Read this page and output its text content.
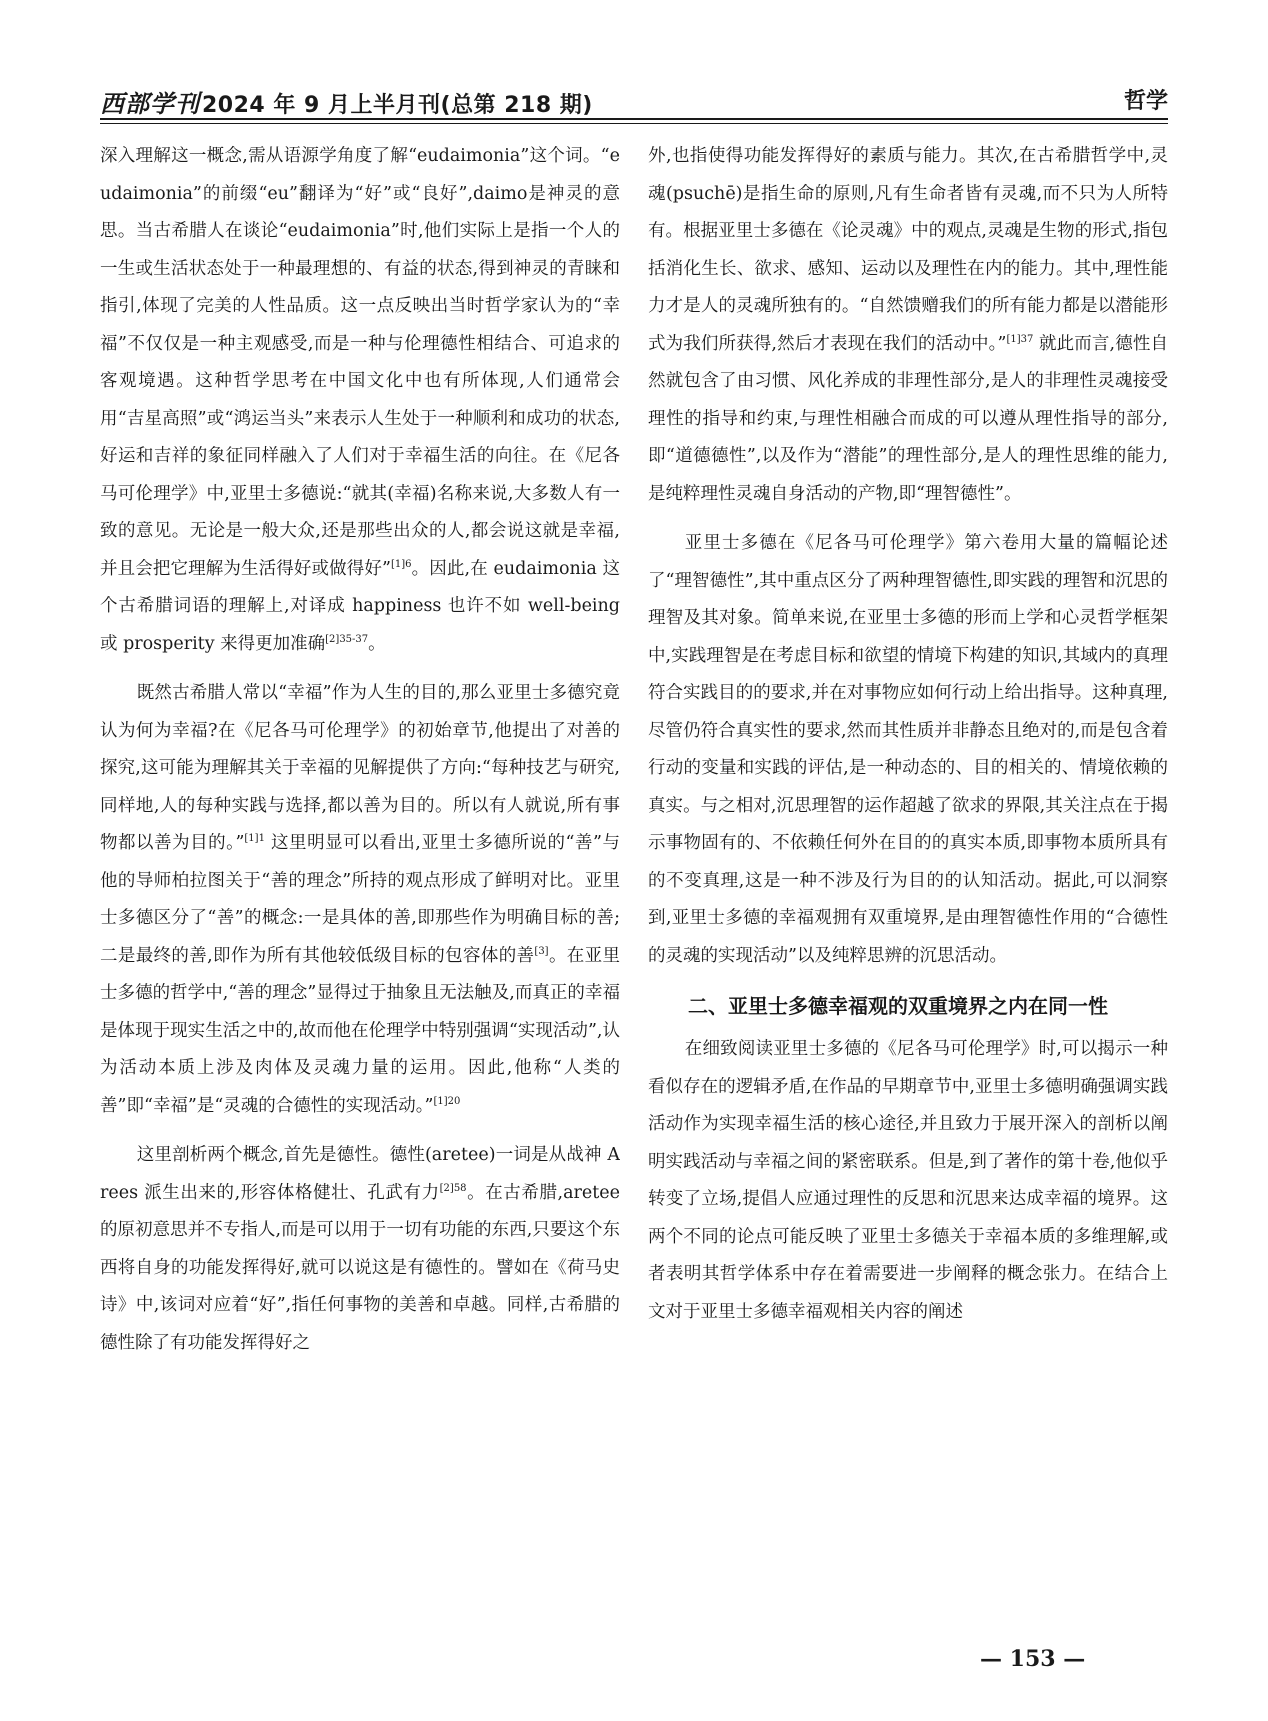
西部学刊2024 年 9 月上半月刊(总第 218 期)	哲学

深入理解这一概念,需从语源学角度了解“eudaimonia”这个词。“eudaimonia”的前缀“eu”翻译为“好”或“良好”,daimo是神灵的意思。当古希腊人在谈论“eudaimonia”时,他们实际上是指一个人的一生或生活状态处于一种最理想的、有益的状态,得到神灵的青睐和指引,体现了完美的人性品质。这一点反映出当时哲学家认为的“幸福”不仅仅是一种主观感受,而是一种与伦理德性相结合、可追求的客观境遇。这种哲学思考在中国文化中也有所体现,人们通常会用“吉星高照”或“鸿运当头”来表示人生处于一种顺利和成功的状态,好运和吉祥的象征同样融入了人们对于幸福生活的向往。在《尼各马可伦理学》中,亚里士多德说:“就其(幸福)名称来说,大多数人有一致的意见。无论是一般大众,还是那些出众的人,都会说这就是幸福,并且会把它理解为生活得好或做得好”$^{[1]6}$。因此,在 eudaimonia 这个古希腊词语的理解上,对译成 happiness 也许不如 well-being 或 prosperity 来得更加准确$^{[2]35-37}$。

既然古希腊人常以“幸福”作为人生的目的,那么亚里士多德究竟认为何为幸福?在《尼各马可伦理学》的初始章节,他提出了对善的探究,这可能为理解其关于幸福的见解提供了方向:“每种技艺与研究,同样地,人的每种实践与选择,都以善为目的。所以有人就说,所有事物都以善为目的。”$^{[1]1}$ 这里明显可以看出,亚里士多德所说的“善”与他的导师柏拉图关于“善的理念”所持的观点形成了鲜明对比。亚里士多德区分了“善”的概念:一是具体的善,即那些作为明确目标的善;二是最终的善,即作为所有其他较低级目标的包容体的善[3]。在亚里士多德的哲学中,“善的理念”显得过于抽象且无法触及,而真正的幸福是体现于现实生活之中的,故而他在伦理学中特别强调“实现活动”,认为活动本质上涉及肉体及灵魂力量的运用。因此,他称“人类的善”即“幸福”是“灵魂的合德性的实现活动。”$^{[1]20}$

这里剖析两个概念,首先是德性。德性(aretee)一词是从战神 Arees 派生出来的,形容体格健壮、孔武有力$^{[2]58}$。在古希腊,aretee 的原初意思并不专指人,而是可以用于一切有功能的东西,只要这个东西将自身的功能发挥得好,就可以说这是有德性的。譬如在《荷马史诗》中,该词对应着“好”,指任何事物的美善和卓越。同样,古希腊的德性除了有功能发挥得好之

外,也指使得功能发挥得好的素质与能力。其次,在古希腊哲学中,灵魂(psuchē)是指生命的原则,凡有生命者皆有灵魂,而不只为人所特有。根据亚里士多德在《论灵魂》中的观点,灵魂是生物的形式,指包括消化生长、欲求、感知、运动以及理性在内的能力。其中,理性能力才是人的灵魂所独有的。“自然馈赠我们的所有能力都是以潜能形式为我们所获得,然后才表现在我们的活动中。”$^{[1]37}$ 就此而言,德性自然就包含了由习惯、风化养成的非理性部分,是人的非理性灵魂接受理性的指导和约束,与理性相融合而成的可以遵从理性指导的部分,即“道德德性”,以及作为“潜能”的理性部分,是人的理性思维的能力,是纯粹理性灵魂自身活动的产物,即“理智德性”。

亚里士多德在《尼各马可伦理学》第六卷用大量的篇幅论述了“理智德性”,其中重点区分了两种理智德性,即实践的理智和沉思的理智及其对象。简单来说,在亚里士多德的形而上学和心灵哲学框架中,实践理智是在考虑目标和欲望的情境下构建的知识,其域内的真理符合实践目的的要求,并在对事物应如何行动上给出指导。这种真理,尽管仍符合真实性的要求,然而其性质并非静态且绝对的,而是包含着行动的变量和实践的评估,是一种动态的、目的相关的、情境依赖的真实。与之相对,沉思理智的运作超越了欲求的界限,其关注点在于揭示事物固有的、不依赖任何外在目的的真实本质,即事物本质所具有的不变真理,这是一种不涉及行为目的的认知活动。据此,可以洞察到,亚里士多德的幸福观拥有双重境界,是由理智德性作用的“合德性的灵魂的实现活动”以及纯粹思辨的沉思活动。

二、亚里士多德幸福观的双重境界之内在同一性

在细致阅读亚里士多德的《尼各马可伦理学》时,可以揭示一种看似存在的逻辑矛盾,在作品的早期章节中,亚里士多德明确强调实践活动作为实现幸福生活的核心途径,并且致力于展开深入的剖析以阐明实践活动与幸福之间的紧密联系。但是,到了著作的第十卷,他似乎转变了立场,提倡人应通过理性的反思和沉思来达成幸福的境界。这两个不同的论点可能反映了亚里士多德关于幸福本质的多维理解,或者表明其哲学体系中存在着需要进一步阐释的概念张力。在结合上文对于亚里士多德幸福观相关内容的阐述

— 153 —
